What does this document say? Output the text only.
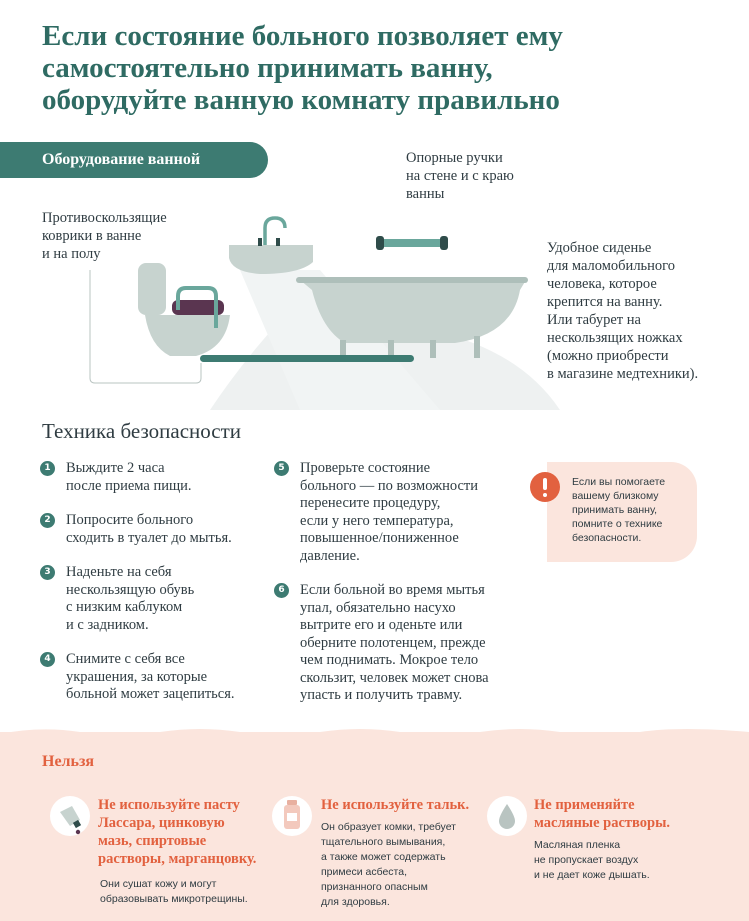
Если состояние больного позволяет ему
самостоятельно принимать ванну,
оборудуйте ванную комнату правильно
Оборудование ванной
Противоскользящие
коврики в ванне
и на полу
Опорные ручки
на стене и с краю
ванны
Удобное сиденье
для маломобильного
человека, которое
крепится на ванну.
Или табурет на
нескользящих ножках
(можно приобрести
в магазине медтехники).
Техника безопасности
1	Выждите 2 часа
после приема пищи.
2	Попросите больного
сходить в туалет до мытья.
3	Наденьте на себя
нескользящую обувь
с низким каблуком
и с задником.
4	Снимите с себя все
украшения, за которые
больной может зацепиться.
5	Проверьте состояние
больного — по возможности
перенесите процедуру,
если у него температура,
повышенное/пониженное
давление.
6	Если больной во время мытья
упал, обязательно насухо
вытрите его и оденьте или
оберните полотенцем, прежде
чем поднимать. Мокрое тело
скользит, человек может снова
упасть и получить травму.
Если вы помогаете
вашему близкому
принимать ванну,
помните о технике
безопасности.
Нельзя
Не используйте пасту
Лассара, цинковую
мазь, спиртовые
растворы, марганцовку.
Они сушат кожу и могут
образовывать микротрещины.
Не используйте тальк.
Он образует комки, требует
тщательного вымывания,
а также может содержать
примеси асбеста,
признанного опасным
для здоровья.
Не применяйте
масляные растворы.
Масляная пленка
не пропускает воздух
и не дает коже дышать.
